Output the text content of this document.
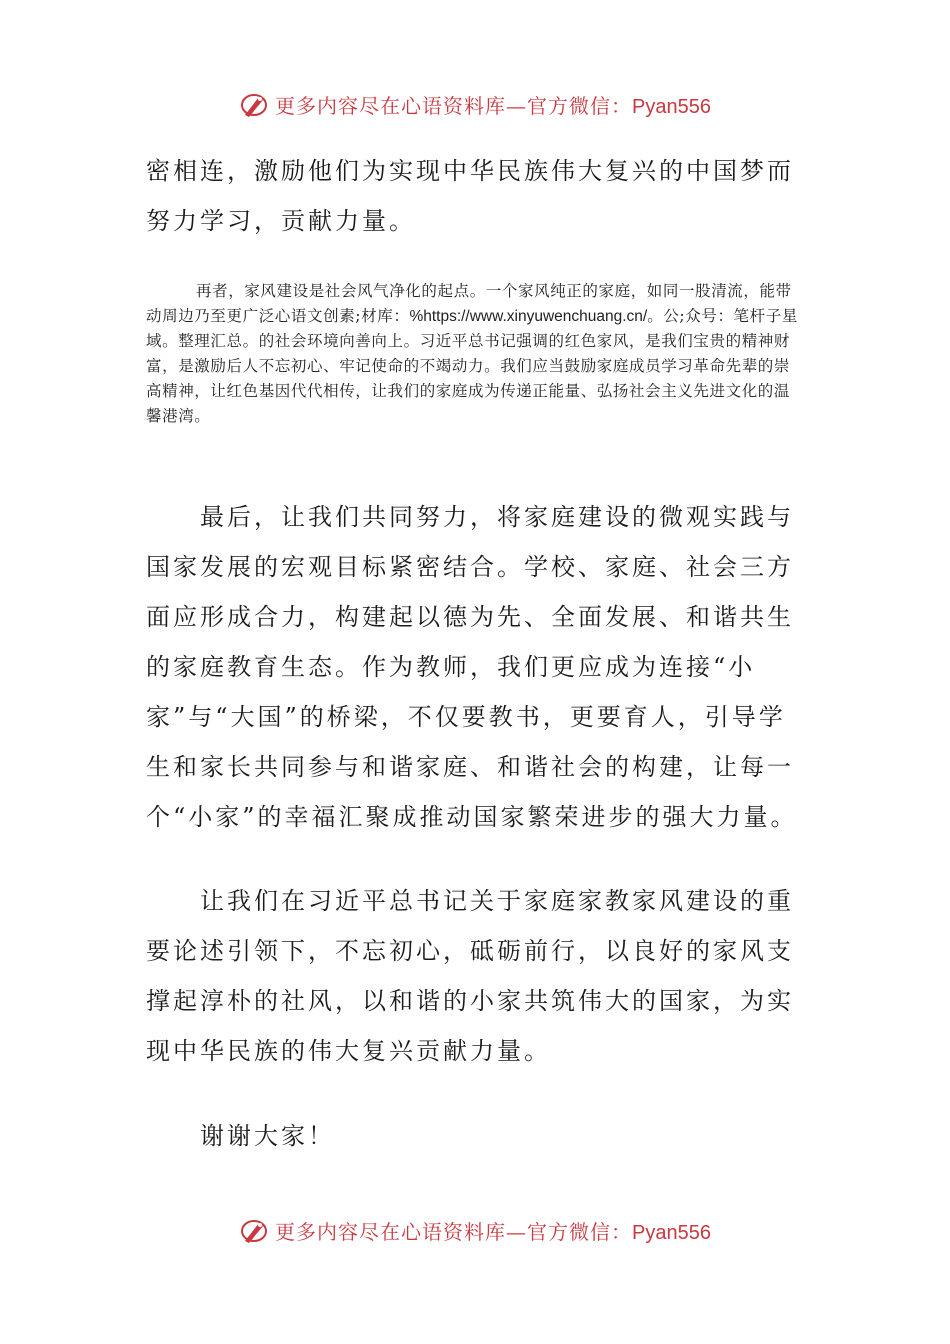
更多内容尽在心语资料库—官方微信：Pyan556

密相连，激励他们为实现中华民族伟大复兴的中国梦而努力学习，贡献力量。

再者，家风建设是社会风气净化的起点。一个家风纯正的家庭，如同一股清流，能带动周边乃至更广泛心语文创素;材库：%https://www.xinyuwenchuang.cn/。公;众号：笔杆子星域。整理汇总。的社会环境向善向上。习近平总书记强调的红色家风，是我们宝贵的精神财富，是激励后人不忘初心、牢记使命的不竭动力。我们应当鼓励家庭成员学习革命先辈的崇高精神，让红色基因代代相传，让我们的家庭成为传递正能量、弘扬社会主义先进文化的温馨港湾。

最后，让我们共同努力，将家庭建设的微观实践与国家发展的宏观目标紧密结合。学校、家庭、社会三方面应形成合力，构建起以德为先、全面发展、和谐共生的家庭教育生态。作为教师，我们更应成为连接“小家”与“大国”的桥梁，不仅要教书，更要育人，引导学生和家长共同参与和谐家庭、和谐社会的构建，让每一个“小家”的幸福汇聚成推动国家繁荣进步的强大力量。

让我们在习近平总书记关于家庭家教家风建设的重要论述引领下，不忘初心，砥砺前行，以良好的家风支撑起淳朴的社风，以和谐的小家共筑伟大的国家，为实现中华民族的伟大复兴贡献力量。

谢谢大家！

更多内容尽在心语资料库—官方微信：Pyan556
